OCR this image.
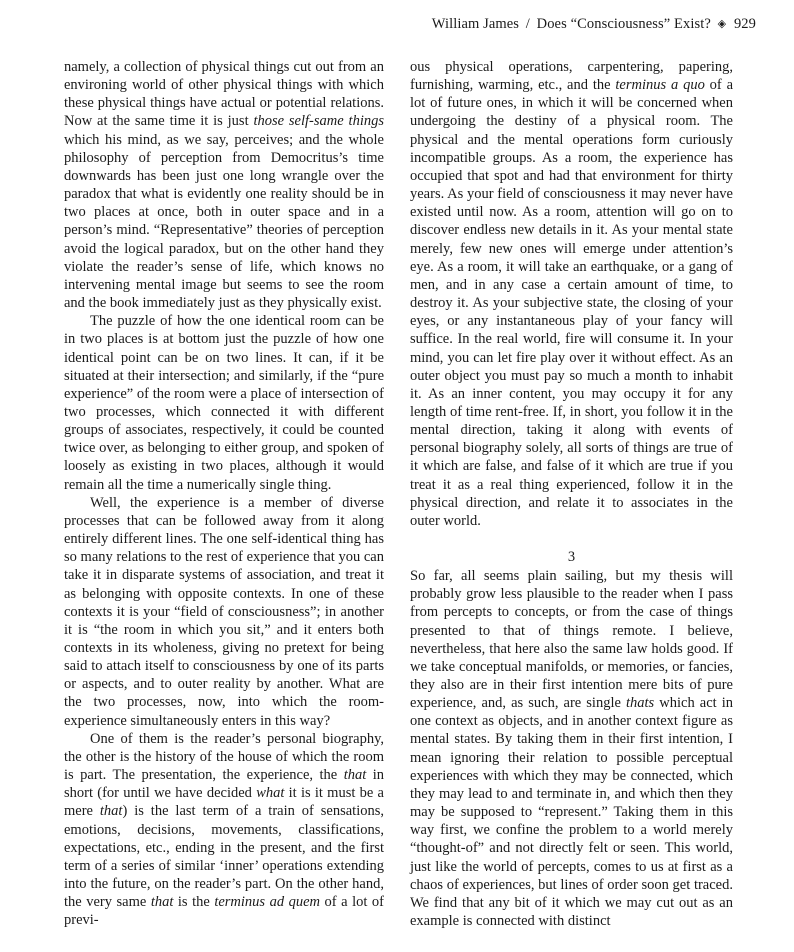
William James / Does “Consciousness” Exist? ◈ 929

namely, a collection of physical things cut out from an environing world of other physical things with which these physical things have actual or potential relations. Now at the same time it is just those self-same things which his mind, as we say, perceives; and the whole philosophy of perception from Democritus’s time downwards has been just one long wrangle over the paradox that what is evidently one reality should be in two places at once, both in outer space and in a person’s mind. “Representative” theories of perception avoid the logical paradox, but on the other hand they violate the reader’s sense of life, which knows no intervening mental image but seems to see the room and the book immediately just as they physically exist.

The puzzle of how the one identical room can be in two places is at bottom just the puzzle of how one identical point can be on two lines. It can, if it be situated at their intersection; and similarly, if the “pure experience” of the room were a place of intersection of two processes, which connected it with different groups of associates, respectively, it could be counted twice over, as belonging to either group, and spoken of loosely as existing in two places, although it would remain all the time a numerically single thing.

Well, the experience is a member of diverse processes that can be followed away from it along entirely different lines. The one self-identical thing has so many relations to the rest of experience that you can take it in disparate systems of association, and treat it as belonging with opposite contexts. In one of these contexts it is your “field of consciousness”; in another it is “the room in which you sit,” and it enters both contexts in its wholeness, giving no pretext for being said to attach itself to consciousness by one of its parts or aspects, and to outer reality by another. What are the two processes, now, into which the room-experience simultaneously enters in this way?

One of them is the reader’s personal biography, the other is the history of the house of which the room is part. The presentation, the experience, the that in short (for until we have decided what it is it must be a mere that) is the last term of a train of sensations, emotions, decisions, movements, classifications, expectations, etc., ending in the present, and the first term of a series of similar ‘inner’ operations extending into the future, on the reader’s part. On the other hand, the very same that is the terminus ad quem of a lot of previ-

ous physical operations, carpentering, papering, furnishing, warming, etc., and the terminus a quo of a lot of future ones, in which it will be concerned when undergoing the destiny of a physical room. The physical and the mental operations form curiously incompatible groups. As a room, the experience has occupied that spot and had that environment for thirty years. As your field of consciousness it may never have existed until now. As a room, attention will go on to discover endless new details in it. As your mental state merely, few new ones will emerge under attention’s eye. As a room, it will take an earthquake, or a gang of men, and in any case a certain amount of time, to destroy it. As your subjective state, the closing of your eyes, or any instantaneous play of your fancy will suffice. In the real world, fire will consume it. In your mind, you can let fire play over it without effect. As an outer object you must pay so much a month to inhabit it. As an inner content, you may occupy it for any length of time rent-free. If, in short, you follow it in the mental direction, taking it along with events of personal biography solely, all sorts of things are true of it which are false, and false of it which are true if you treat it as a real thing experienced, follow it in the physical direction, and relate it to associates in the outer world.

3

So far, all seems plain sailing, but my thesis will probably grow less plausible to the reader when I pass from percepts to concepts, or from the case of things presented to that of things remote. I believe, nevertheless, that here also the same law holds good. If we take conceptual manifolds, or memories, or fancies, they also are in their first intention mere bits of pure experience, and, as such, are single thats which act in one context as objects, and in another context figure as mental states. By taking them in their first intention, I mean ignoring their relation to possible perceptual experiences with which they may be connected, which they may lead to and terminate in, and which then they may be supposed to “represent.” Taking them in this way first, we confine the problem to a world merely “thought-of” and not directly felt or seen. This world, just like the world of percepts, comes to us at first as a chaos of experiences, but lines of order soon get traced. We find that any bit of it which we may cut out as an example is connected with distinct
